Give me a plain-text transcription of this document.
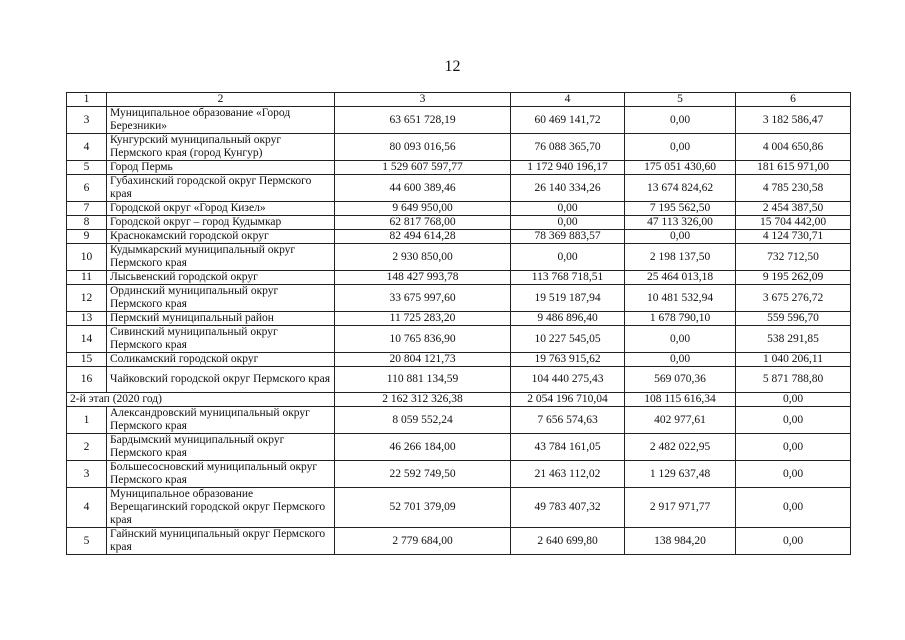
12
1	2	3	4	5	6
3	Муниципальное образование «Город Березники»	63 651 728,19	60 469 141,72	0,00	3 182 586,47
4	Кунгурский муниципальный округ Пермского края (город Кунгур)	80 093 016,56	76 088 365,70	0,00	4 004 650,86
5	Город Пермь	1 529 607 597,77	1 172 940 196,17	175 051 430,60	181 615 971,00
6	Губахинский городской округ Пермского края	44 600 389,46	26 140 334,26	13 674 824,62	4 785 230,58
7	Городской округ «Город Кизел»	9 649 950,00	0,00	7 195 562,50	2 454 387,50
8	Городской округ – город Кудымкар	62 817 768,00	0,00	47 113 326,00	15 704 442,00
9	Краснокамский городской округ	82 494 614,28	78 369 883,57	0,00	4 124 730,71
10	Кудымкарский муниципальный округ Пермского края	2 930 850,00	0,00	2 198 137,50	732 712,50
11	Лысьвенский городской округ	148 427 993,78	113 768 718,51	25 464 013,18	9 195 262,09
12	Ординский муниципальный округ Пермского края	33 675 997,60	19 519 187,94	10 481 532,94	3 675 276,72
13	Пермский муниципальный район	11 725 283,20	9 486 896,40	1 678 790,10	559 596,70
14	Сивинский муниципальный округ Пермского края	10 765 836,90	10 227 545,05	0,00	538 291,85
15	Соликамский городской округ	20 804 121,73	19 763 915,62	0,00	1 040 206,11
16	Чайковский городской округ Пермского края	110 881 134,59	104 440 275,43	569 070,36	5 871 788,80
2-й этап (2020 год)		2 162 312 326,38	2 054 196 710,04	108 115 616,34	0,00
1	Александровский муниципальный округ Пермского края	8 059 552,24	7 656 574,63	402 977,61	0,00
2	Бардымский муниципальный округ Пермского края	46 266 184,00	43 784 161,05	2 482 022,95	0,00
3	Большесосновский муниципальный округ Пермского края	22 592 749,50	21 463 112,02	1 129 637,48	0,00
4	Муниципальное образование Верещагинский городской округ Пермского края	52 701 379,09	49 783 407,32	2 917 971,77	0,00
5	Гайнский муниципальный округ Пермского края	2 779 684,00	2 640 699,80	138 984,20	0,00
